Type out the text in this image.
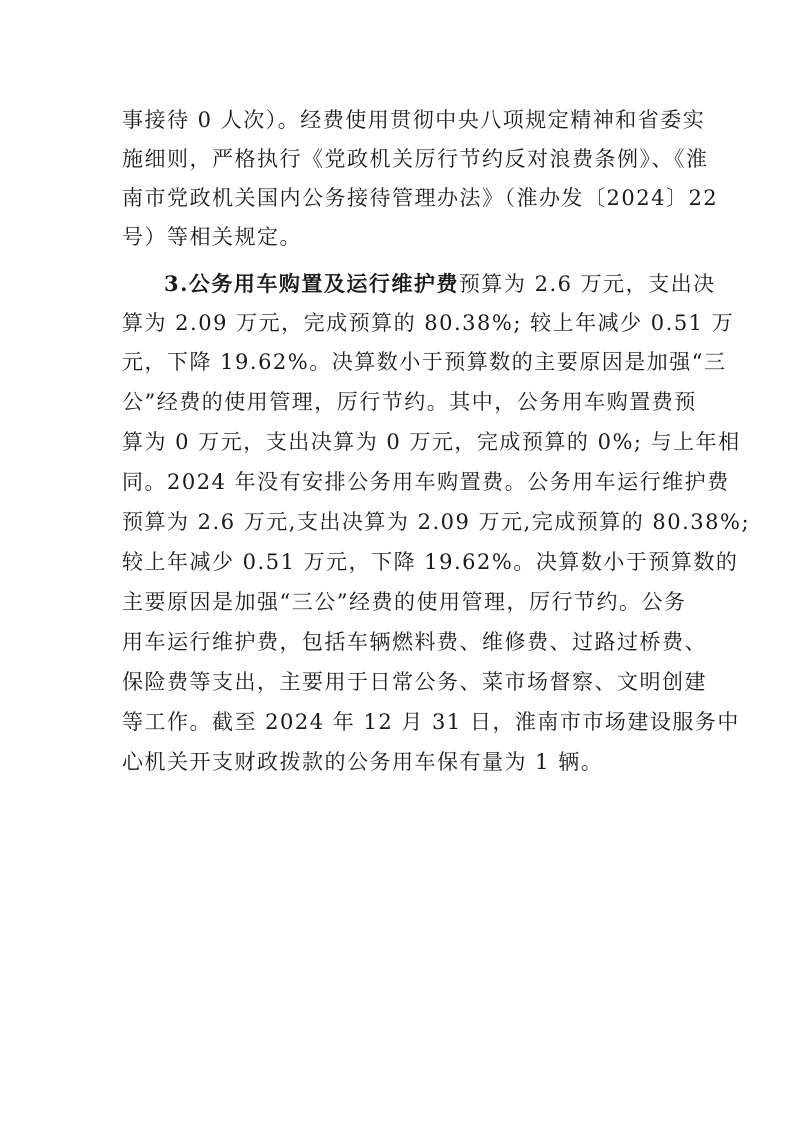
事接待 0 人次）。经费使用贯彻中央八项规定精神和省委实
施细则，严格执行《党政机关厉行节约反对浪费条例》、《淮
南市党政机关国内公务接待管理办法》（淮办发〔2024〕22
号）等相关规定。
3.公务用车购置及运行维护费预算为 2.6 万元，支出决
算为 2.09 万元，完成预算的 80.38%; 较上年减少 0.51 万
元，下降 19.62%。决算数小于预算数的主要原因是加强“三
公”经费的使用管理，厉行节约。其中，公务用车购置费预
算为 0 万元，支出决算为 0 万元，完成预算的 0%; 与上年相
同。2024 年没有安排公务用车购置费。公务用车运行维护费
预算为 2.6 万元,支出决算为 2.09 万元,完成预算的 80.38%;
较上年减少 0.51 万元，下降 19.62%。决算数小于预算数的
主要原因是加强“三公”经费的使用管理，厉行节约。公务
用车运行维护费，包括车辆燃料费、维修费、过路过桥费、
保险费等支出，主要用于日常公务、菜市场督察、文明创建
等工作。截至 2024 年 12 月 31 日，淮南市市场建设服务中
心机关开支财政拨款的公务用车保有量为 1 辆。
